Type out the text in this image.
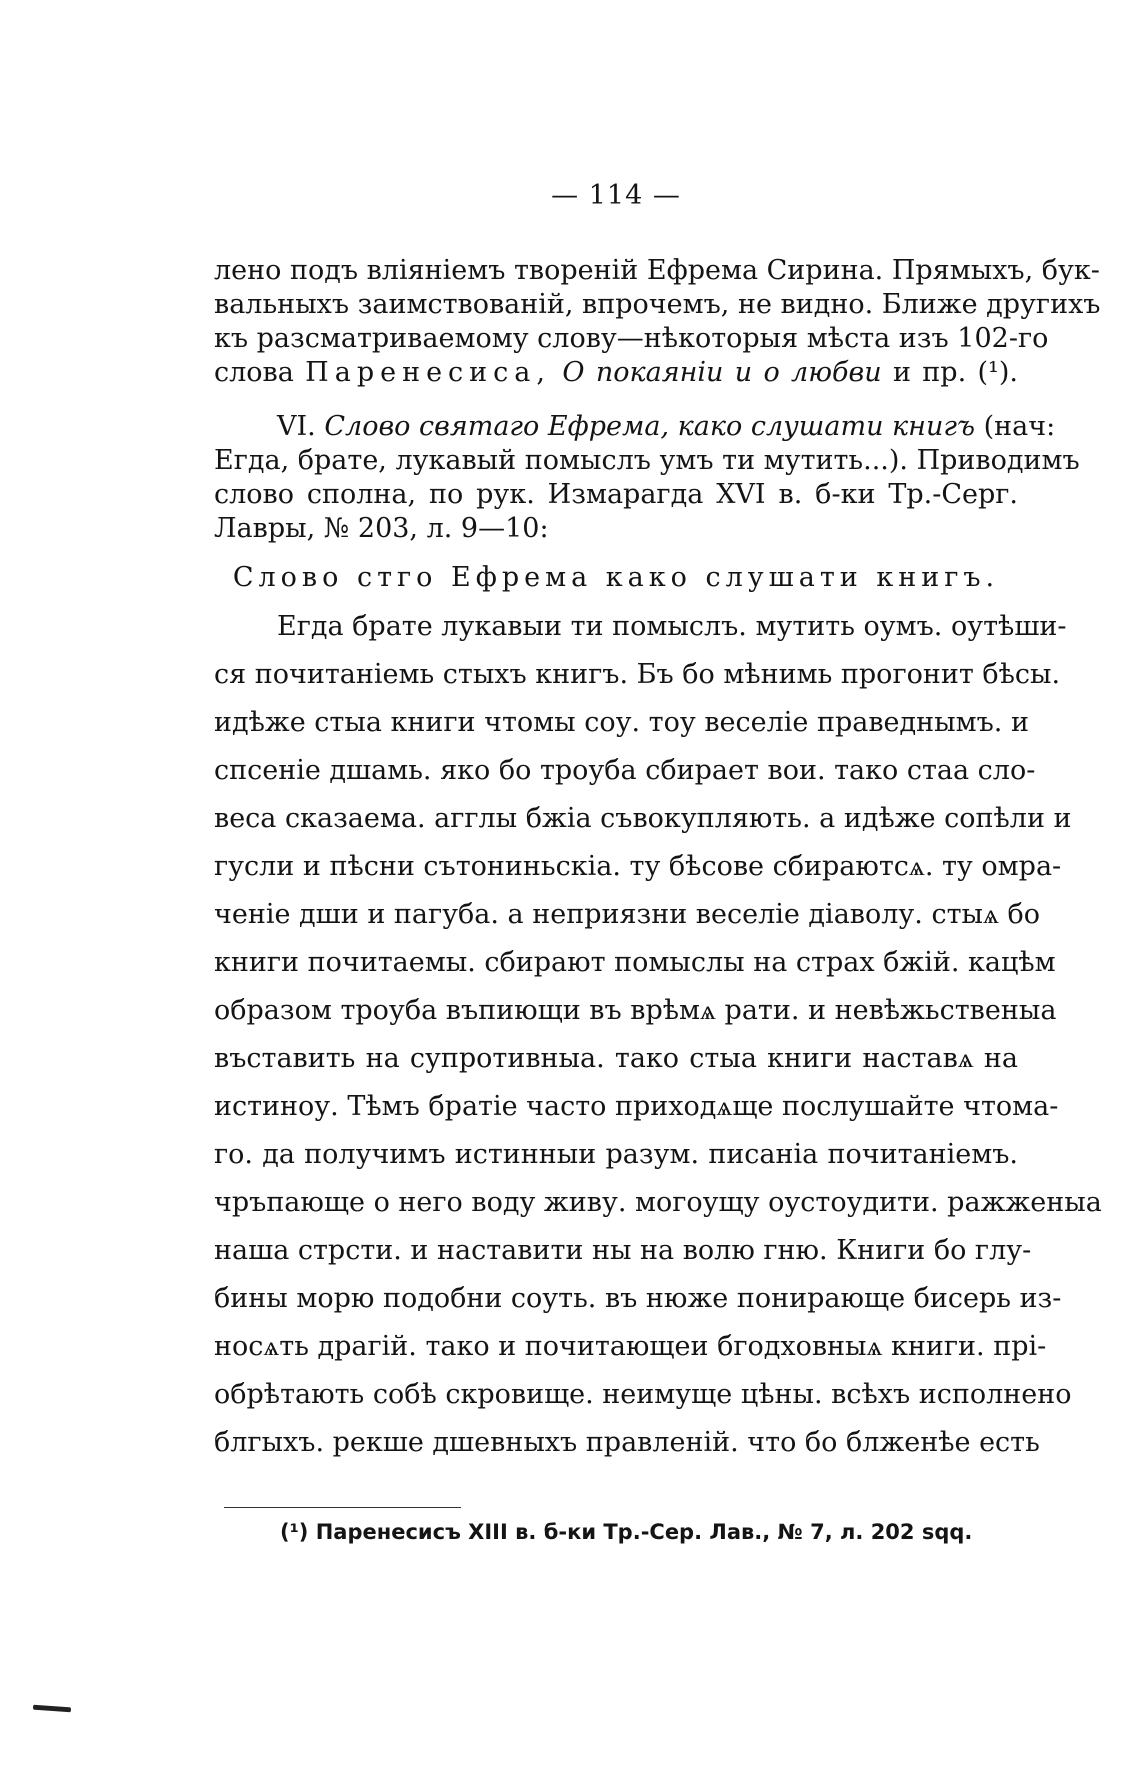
— 114 —
лено подъ вліяніемъ твореній Ефрема Сирина. Прямыхъ, бук-
вальныхъ заимствованій, впрочемъ, не видно. Ближе другихъ
къ разсматриваемому слову—нѣкоторыя мѣста изъ 102-го
слова Паренесиса, О покаяніи и о любви и пр. (¹).
VI. Слово святаго Ефрема, како слушати книгъ (нач:
Егда, брате, лукавый помыслъ умъ ти мутить...). Приводимъ
слово сполна, по рук. Измарагда XVI в. б-ки Тр.-Серг.
Лавры, № 203, л. 9—10:
Слово стго Ефрема како слушати книгъ.
Егда брате лукавыи ти помыслъ. мутить оумъ. оутѣши-
ся почитаніемь стыхъ книгъ. Бъ бо мѣнимь прогонит бѣсы.
идѣже стыа книги чтомы соу. тоу веселіе праведнымъ. и
спсеніе дшамь. яко бо троуба сбирает вои. тако стаа сло-
веса сказаема. агглы бжіа съвокупляють. а идѣже сопѣли и
гусли и пѣсни сътониньскіа. ту бѣсове сбираютсѧ. ту омра-
ченіе дши и пагуба. а неприязни веселіе діаволу. стыѧ бо
книги почитаемы. сбирают помыслы на страх бжій. кацѣм
образом троуба въпиющи въ врѣмѧ рати. и невѣжьственыа
въставить на супротивныа. тако стыа книги наставѧ на
истиноу. Тѣмъ братіе часто приходѧще послушайте чтома-
го. да получимъ истинныи разум. писаніа почитаніемъ.
чръпающе о него воду живу. могоущу оустоудити. ражженыа
наша стрсти. и наставити ны на волю гню. Книги бо глу-
бины морю подобни соуть. въ нюже понирающе бисерь из-
носѧть драгій. тако и почитающеи бгодховныѧ книги. прі-
обрѣтають собѣ скровище. неимуще цѣны. всѣхъ исполнено
блгыхъ. рекше дшевныхъ правленій. что бо блженѣе есть
(¹) Паренесисъ XIII в. б-ки Тр.-Сер. Лав., № 7, л. 202 sqq.
